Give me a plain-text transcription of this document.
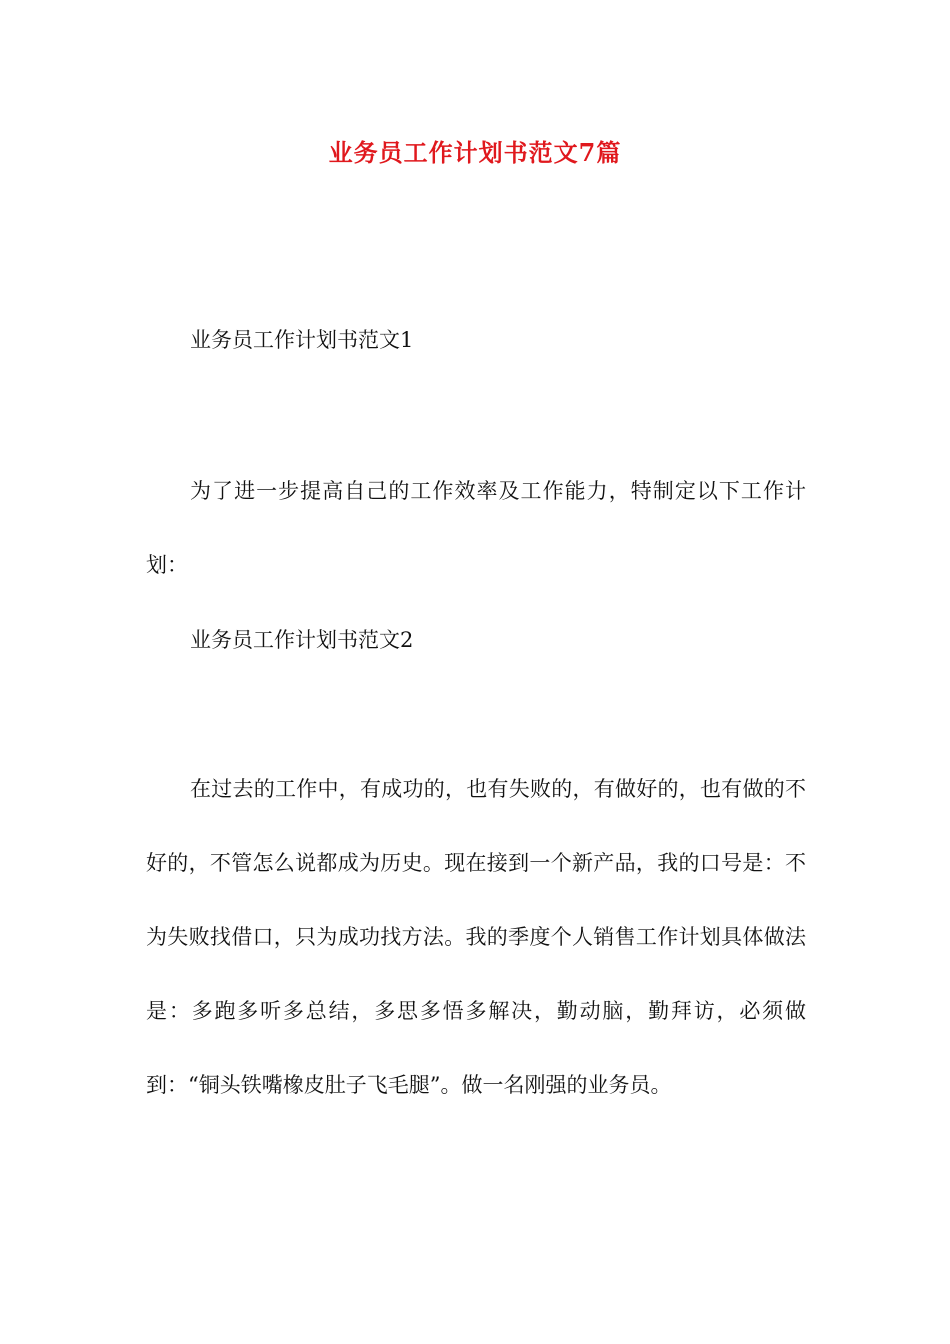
业务员工作计划书范文7篇
业务员工作计划书范文1
为了进一步提高自己的工作效率及工作能力，特制定以下工作计划：
业务员工作计划书范文2
在过去的工作中，有成功的，也有失败的，有做好的，也有做的不好的，不管怎么说都成为历史。现在接到一个新产品，我的口号是：不为失败找借口，只为成功找方法。我的季度个人销售工作计划具体做法是：多跑多听多总结，多思多悟多解决，勤动脑，勤拜访，必须做到：“铜头铁嘴橡皮肚子飞毛腿”。做一名刚强的业务员。
